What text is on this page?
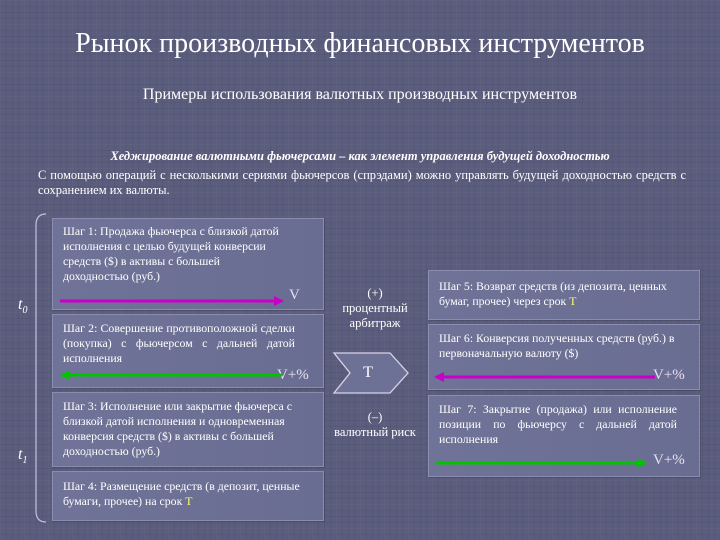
Рынок производных финансовых инструментов
Примеры использования валютных производных инструментов
Хеджирование валютными фьючерсами – как элемент управления будущей доходностью
С помощью операций с несколькими сериями фьючерсов (спрэдами) можно управлять будущей доходностью средств с сохранением их валюты.
$t_0$
$t_1$
Шаг 1: Продажа фьючерса с близкой датой исполнения с целью будущей конверсии средств ($) в активы с большей доходностью (руб.)
V
Шаг 2: Совершение противоположной сделки (покупка) с фьючерсом с дальней датой исполнения
V+%
Шаг 3: Исполнение или закрытие фьючерса с близкой датой исполнения и одновременная конверсия средств ($) в активы с большей доходностью (руб.)
Шаг 4: Размещение средств (в депозит, ценные бумаги, прочее) на срок T
Шаг 5: Возврат средств (из депозита, ценных бумаг, прочее) через срок T
Шаг 6: Конверсия полученных средств (руб.) в первоначальную валюту ($)
V+%
Шаг 7: Закрытие (продажа) или исполнение позиции по фьючерсу с дальней датой исполнения
V+%
(+)
процентный арбитраж
T
(–)
валютный риск
